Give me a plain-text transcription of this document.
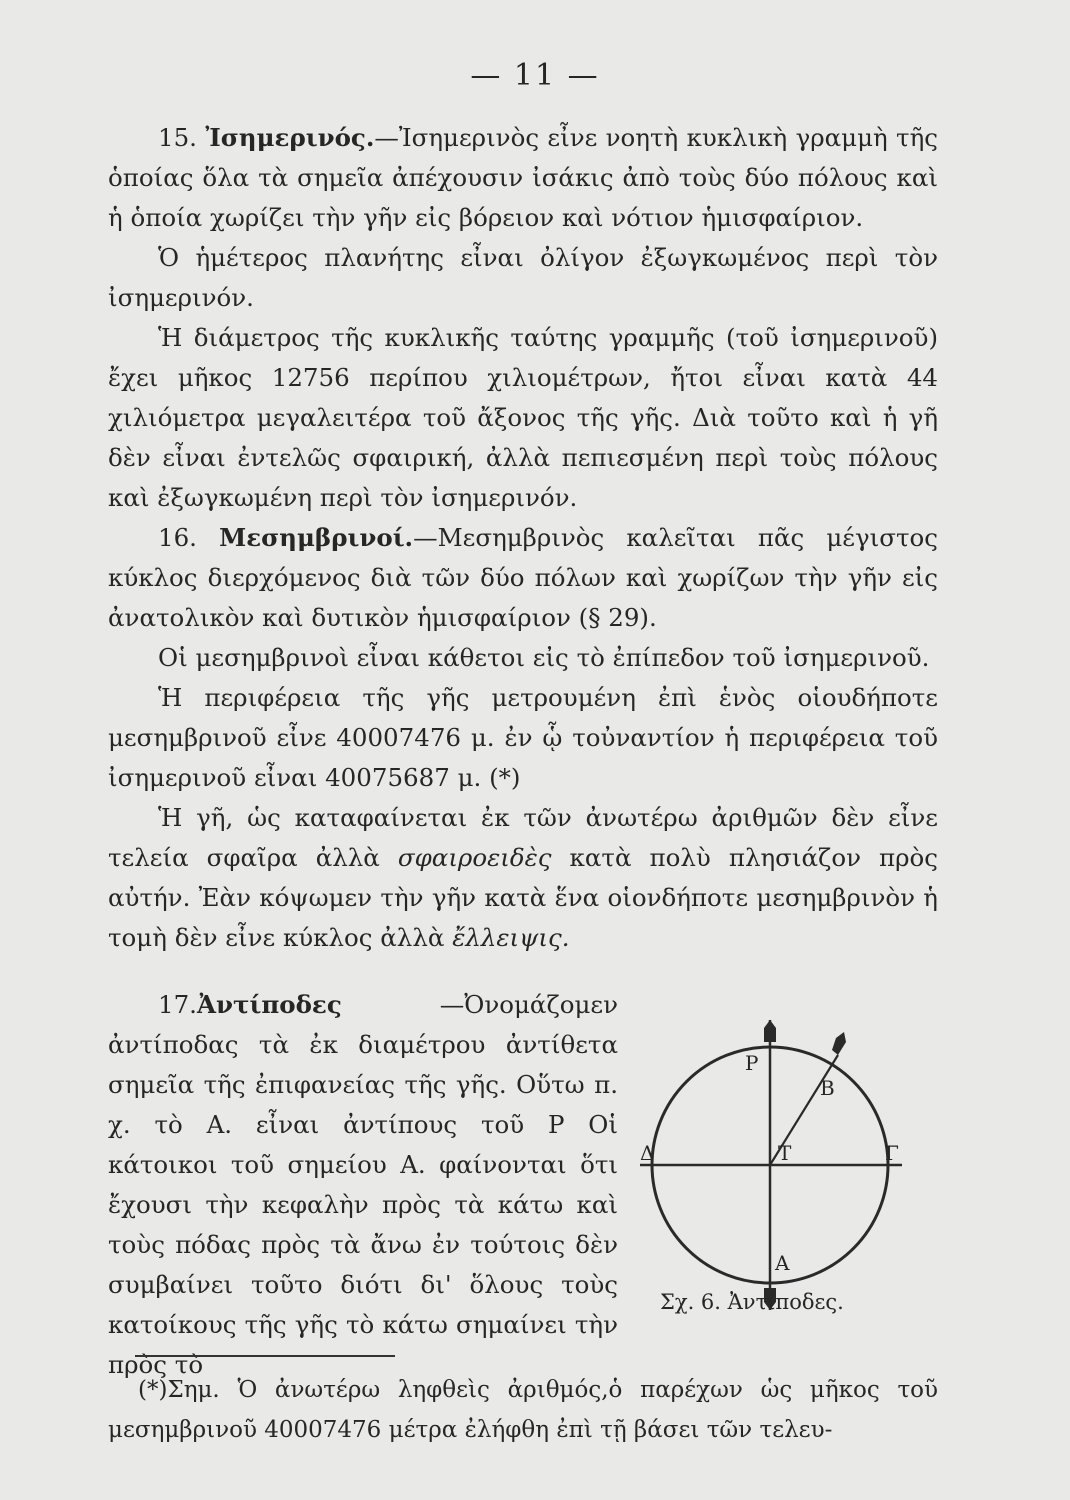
— 11 —

15. Ἰσημερινός.—Ἰσημερινὸς εἶνε νοητὴ κυκλικὴ γραμμὴ τῆς ὁποίας ὅλα τὰ σημεῖα ἀπέχουσιν ἰσάκις ἀπὸ τοὺς δύο πόλους καὶ ἡ ὁποία χωρίζει τὴν γῆν εἰς βόρειον καὶ νότιον ἡμισφαίριον.

Ὁ ἡμέτερος πλανήτης εἶναι ὀλίγον ἐξωγκωμένος περὶ τὸν ἰσημερινόν.

Ἡ διάμετρος τῆς κυκλικῆς ταύτης γραμμῆς (τοῦ ἰσημερινοῦ) ἔχει μῆκος 12756 περίπου χιλιομέτρων, ἤτοι εἶναι κατὰ 44 χιλιόμετρα μεγαλειτέρα τοῦ ἄξονος τῆς γῆς. Διὰ τοῦτο καὶ ἡ γῆ δὲν εἶναι ἐντελῶς σφαιρική, ἀλλὰ πεπιεσμένη περὶ τοὺς πόλους καὶ ἐξωγκωμένη περὶ τὸν ἰσημερινόν.

16. Μεσημβρινοί.—Μεσημβρινὸς καλεῖται πᾶς μέγιστος κύκλος διερχόμενος διὰ τῶν δύο πόλων καὶ χωρίζων τὴν γῆν εἰς ἀνατολικὸν καὶ δυτικὸν ἡμισφαίριον (§ 29).

Οἱ μεσημβρινοὶ εἶναι κάθετοι εἰς τὸ ἐπίπεδον τοῦ ἰσημερινοῦ.

Ἡ περιφέρεια τῆς γῆς μετρουμένη ἐπὶ ἑνὸς οἱουδήποτε μεσημβρινοῦ εἶνε 40007476 μ. ἐν ᾧ τοὐναντίον ἡ περιφέρεια τοῦ ἰσημερινοῦ εἶναι 40075687 μ. (*)

Ἡ γῆ, ὡς καταφαίνεται ἐκ τῶν ἀνωτέρω ἀριθμῶν δὲν εἶνε τελεία σφαῖρα ἀλλὰ σφαιροειδὲς κατὰ πολὺ πλησιάζον πρὸς αὐτήν. Ἐὰν κόψωμεν τὴν γῆν κατὰ ἕνα οἱονδήποτε μεσημβρινὸν ἡ τομὴ δὲν εἶνε κύκλος ἀλλὰ ἔλλειψις.

17.Ἀντίποδες	—Ὀνομάζομεν ἀντίποδας τὰ ἐκ διαμέτρου ἀντίθετα σημεῖα τῆς ἐπιφανείας τῆς γῆς. Οὕτω π. χ. τὸ Α. εἶναι ἀντίπους τοῦ Ρ Οἱ κάτοικοι τοῦ σημείου Α. φαίνονται ὅτι ἔχουσι τὴν κεφαλὴν πρὸς τὰ κάτω καὶ τοὺς πόδας πρὸς τὰ ἄνω ἐν τούτοις δὲν συμβαίνει τοῦτο διότι δι' ὅλους τοὺς κατοίκους τῆς γῆς τὸ κάτω σημαίνει τὴν πρὸς τὸ

Ρ
Β
Δ	Τ	Γ
Α
Σχ. 6. Ἀντίποδες.

(*)Σημ. Ὁ ἀνωτέρω ληφθεὶς ἀριθμός,ὁ παρέχων ὡς μῆκος τοῦ μεσημβρινοῦ 40007476 μέτρα ἐλήφθη ἐπὶ τῇ βάσει τῶν τελευ-
